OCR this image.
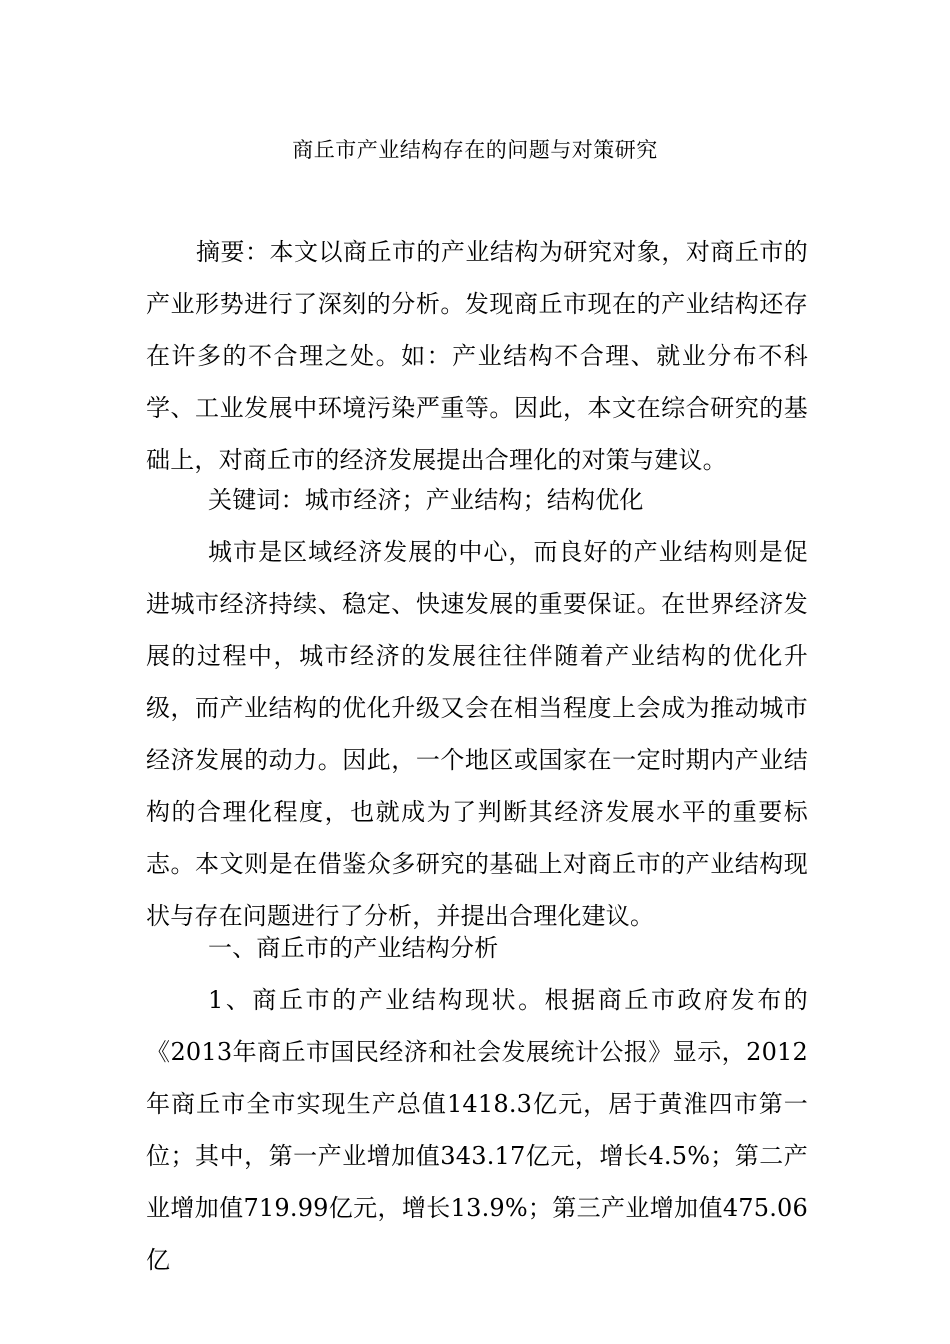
商丘市产业结构存在的问题与对策研究

摘要：本文以商丘市的产业结构为研究对象，对商丘市的产业形势进行了深刻的分析。发现商丘市现在的产业结构还存在许多的不合理之处。如：产业结构不合理、就业分布不科学、工业发展中环境污染严重等。因此，本文在综合研究的基础上，对商丘市的经济发展提出合理化的对策与建议。

关键词：城市经济；产业结构；结构优化

城市是区域经济发展的中心，而良好的产业结构则是促进城市经济持续、稳定、快速发展的重要保证。在世界经济发展的过程中，城市经济的发展往往伴随着产业结构的优化升级，而产业结构的优化升级又会在相当程度上会成为推动城市经济发展的动力。因此，一个地区或国家在一定时期内产业结构的合理化程度，也就成为了判断其经济发展水平的重要标志。本文则是在借鉴众多研究的基础上对商丘市的产业结构现状与存在问题进行了分析，并提出合理化建议。

一、商丘市的产业结构分析

1、商丘市的产业结构现状。根据商丘市政府发布的《2013年商丘市国民经济和社会发展统计公报》显示，2012年商丘市全市实现生产总值1418.3亿元，居于黄淮四市第一位；其中，第一产业增加值343.17亿元，增长4.5%；第二产业增加值719.99亿元，增长13.9%；第三产业增加值475.06亿
